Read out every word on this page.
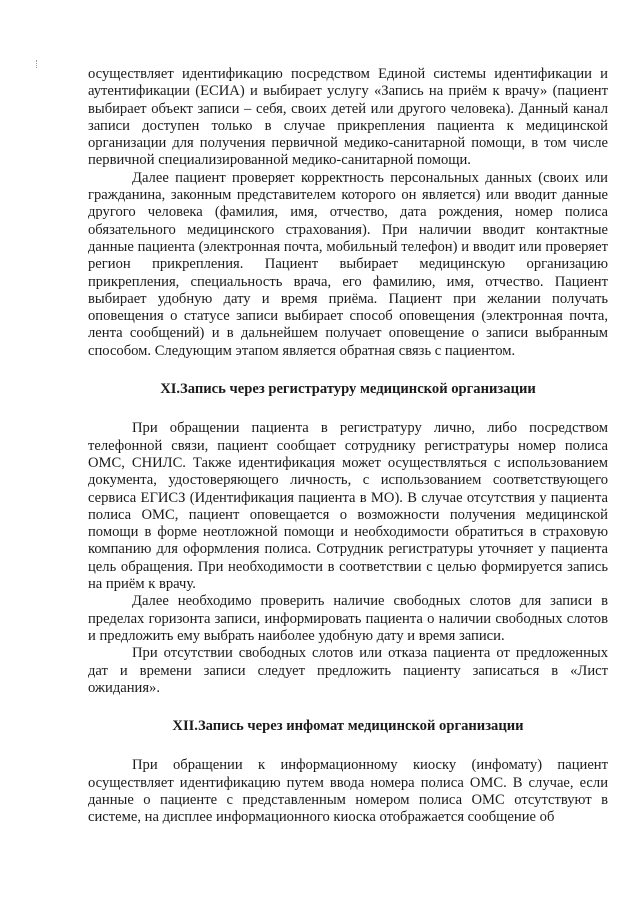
осуществляет идентификацию посредством Единой системы идентификации и аутентификации (ЕСИА) и выбирает услугу «Запись на приём к врачу» (пациент выбирает объект записи – себя, своих детей или другого человека). Данный канал записи доступен только в случае прикрепления пациента к медицинской организации для получения первичной медико-санитарной помощи, в том числе первичной специализированной медико-санитарной помощи.

Далее пациент проверяет корректность персональных данных (своих или гражданина, законным представителем которого он является) или вводит данные другого человека (фамилия, имя, отчество, дата рождения, номер полиса обязательного медицинского страхования). При наличии вводит контактные данные пациента (электронная почта, мобильный телефон) и вводит или проверяет регион прикрепления. Пациент выбирает медицинскую организацию прикрепления, специальность врача, его фамилию, имя, отчество. Пациент выбирает удобную дату и время приёма. Пациент при желании получать оповещения о статусе записи выбирает способ оповещения (электронная почта, лента сообщений) и в дальнейшем получает оповещение о записи выбранным способом. Следующим этапом является обратная связь с пациентом.

XI.Запись через регистратуру медицинской организации

При обращении пациента в регистратуру лично, либо посредством телефонной связи, пациент сообщает сотруднику регистратуры номер полиса ОМС, СНИЛС. Также идентификация может осуществляться с использованием документа, удостоверяющего личность, с использованием соответствующего сервиса ЕГИСЗ (Идентификация пациента в МО). В случае отсутствия у пациента полиса ОМС, пациент оповещается о возможности получения медицинской помощи в форме неотложной помощи и необходимости обратиться в страховую компанию для оформления полиса. Сотрудник регистратуры уточняет у пациента цель обращения. При необходимости в соответствии с целью формируется запись на приём к врачу.

Далее необходимо проверить наличие свободных слотов для записи в пределах горизонта записи, информировать пациента о наличии свободных слотов и предложить ему выбрать наиболее удобную дату и время записи.

При отсутствии свободных слотов или отказа пациента от предложенных дат и времени записи следует предложить пациенту записаться в «Лист ожидания».

XII.Запись через инфомат медицинской организации

При обращении к информационному киоску (инфомату) пациент осуществляет идентификацию путем ввода номера полиса ОМС. В случае, если данные о пациенте с представленным номером полиса ОМС отсутствуют в системе, на дисплее информационного киоска отображается сообщение об
